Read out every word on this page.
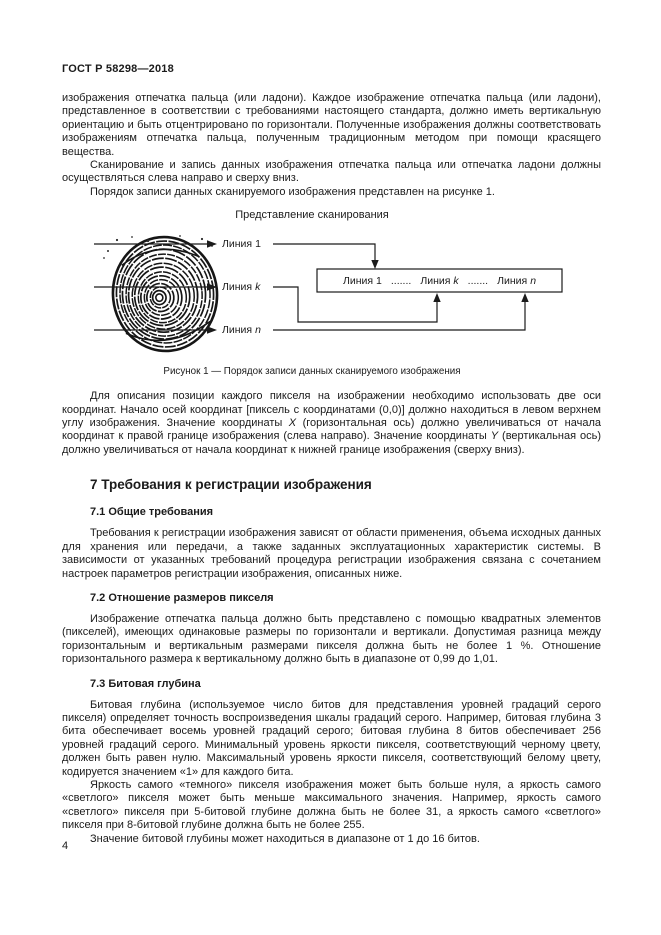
ГОСТ Р 58298—2018

изображения отпечатка пальца (или ладони). Каждое изображение отпечатка пальца (или ладони), представленное в соответствии с требованиями настоящего стандарта, должно иметь вертикальную ориентацию и быть отцентрировано по горизонтали. Полученные изображения должны соответствовать изображениям отпечатка пальца, полученным традиционным методом при помощи красящего вещества.

Сканирование и запись данных изображения отпечатка пальца или отпечатка ладони должны осуществляться слева направо и сверху вниз.

Порядок записи данных сканируемого изображения представлен на рисунке 1.

Представление сканирования
Линия 1
Линия k
Линия n
Линия 1 ....... Линия k ....... Линия n
Рисунок 1 — Порядок записи данных сканируемого изображения

Для описания позиции каждого пикселя на изображении необходимо использовать две оси координат. Начало осей координат [пиксель с координатами (0,0)] должно находиться в левом верхнем углу изображения. Значение координаты X (горизонтальная ось) должно увеличиваться от начала координат к правой границе изображения (слева направо). Значение координаты Y (вертикальная ось) должно увеличиваться от начала координат к нижней границе изображения (сверху вниз).

7 Требования к регистрации изображения
7.1 Общие требования

Требования к регистрации изображения зависят от области применения, объема исходных данных для хранения или передачи, а также заданных эксплуатационных характеристик системы. В зависимости от указанных требований процедура регистрации изображения связана с сочетанием настроек параметров регистрации изображения, описанных ниже.

7.2 Отношение размеров пикселя

Изображение отпечатка пальца должно быть представлено с помощью квадратных элементов (пикселей), имеющих одинаковые размеры по горизонтали и вертикали. Допустимая разница между горизонтальным и вертикальным размерами пикселя должна быть не более 1 %. Отношение горизонтального размера к вертикальному должно быть в диапазоне от 0,99 до 1,01.

7.3 Битовая глубина

Битовая глубина (используемое число битов для представления уровней градаций серого пикселя) определяет точность воспроизведения шкалы градаций серого. Например, битовая глубина 3 бита обеспечивает восемь уровней градаций серого; битовая глубина 8 битов обеспечивает 256 уровней градаций серого. Минимальный уровень яркости пикселя, соответствующий черному цвету, должен быть равен нулю. Максимальный уровень яркости пикселя, соответствующий белому цвету, кодируется значением «1» для каждого бита.

Яркость самого «темного» пикселя изображения может быть больше нуля, а яркость самого «светлого» пикселя может быть меньше максимального значения. Например, яркость самого «светлого» пикселя при 5-битовой глубине должна быть не более 31, а яркость самого «светлого» пикселя при 8-битовой глубине должна быть не более 255.

Значение битовой глубины может находиться в диапазоне от 1 до 16 битов.

4
